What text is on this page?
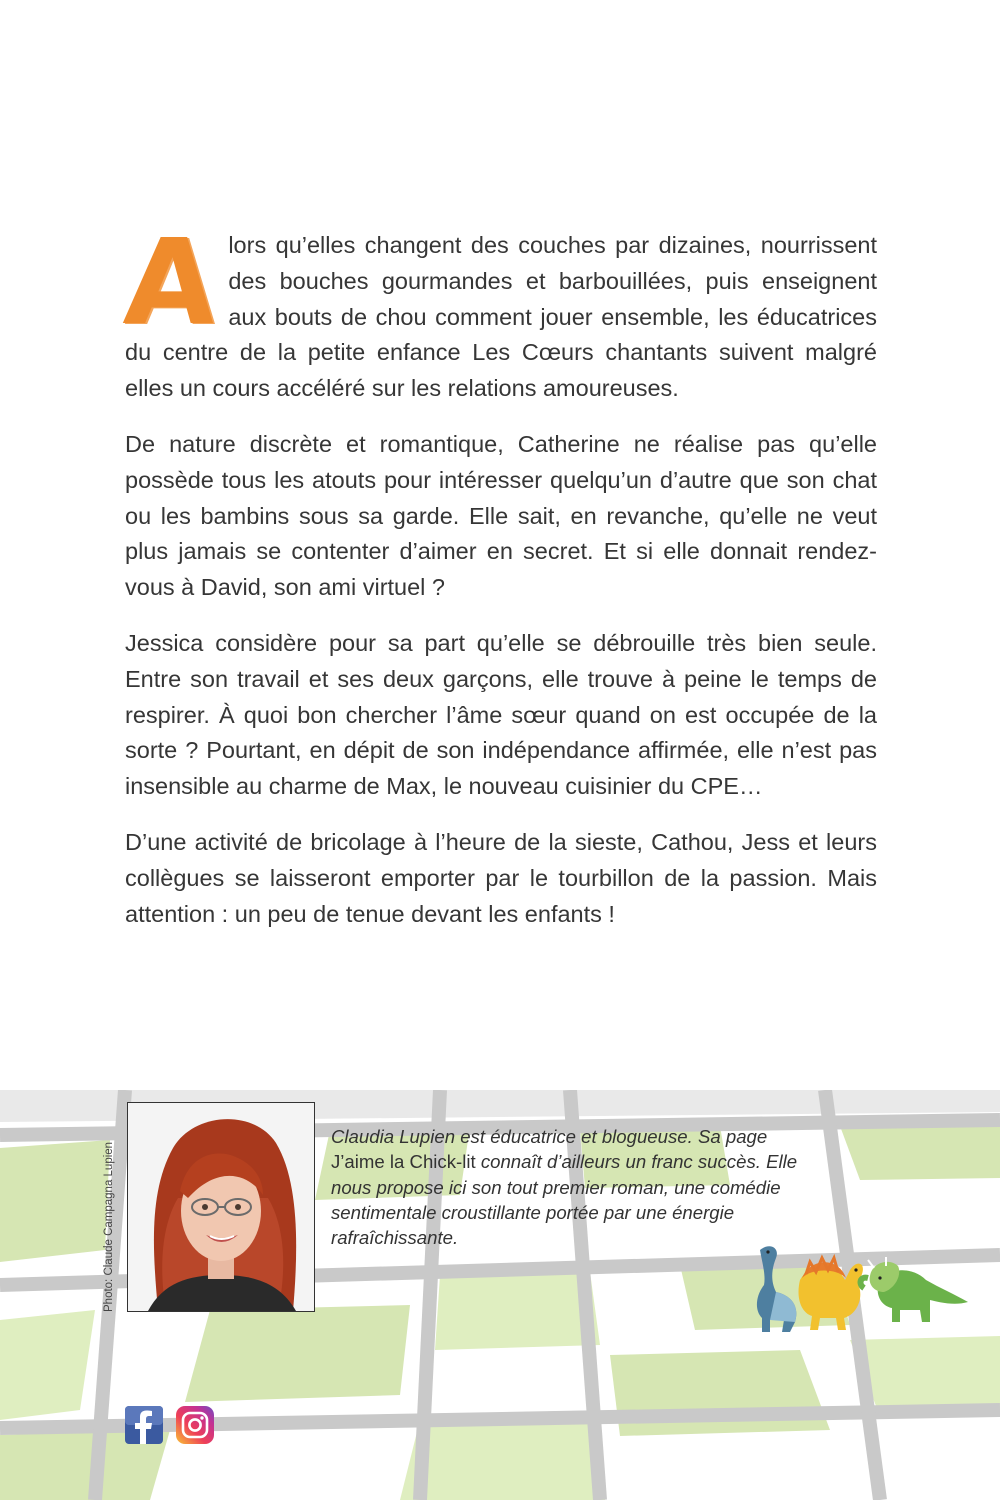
Alors qu’elles changent des couches par dizaines, nourrissent des bouches gourmandes et barbouillées, puis enseignent aux bouts de chou comment jouer ensemble, les éducatrices du centre de la petite enfance Les Cœurs chantants suivent malgré elles un cours accéléré sur les relations amoureuses.

De nature discrète et romantique, Catherine ne réalise pas qu’elle possède tous les atouts pour intéresser quelqu’un d’autre que son chat ou les bambins sous sa garde. Elle sait, en revanche, qu’elle ne veut plus jamais se contenter d’aimer en secret. Et si elle donnait rendez-vous à David, son ami virtuel ?

Jessica considère pour sa part qu’elle se débrouille très bien seule. Entre son travail et ses deux garçons, elle trouve à peine le temps de respirer. À quoi bon chercher l’âme sœur quand on est occupée de la sorte ? Pourtant, en dépit de son indépendance affirmée, elle n’est pas insensible au charme de Max, le nouveau cuisinier du CPE…

D’une activité de bricolage à l’heure de la sieste, Cathou, Jess et leurs collègues se laisseront emporter par le tourbillon de la passion. Mais attention : un peu de tenue devant les enfants !

Photo: Claude Campagna Lupien
Claudia Lupien est éducatrice et blogueuse. Sa page J’aime la Chick-lit connaît d’ailleurs un franc succès. Elle nous propose ici son tout premier roman, une comédie sentimentale croustillante portée par une énergie rafraîchissante.
